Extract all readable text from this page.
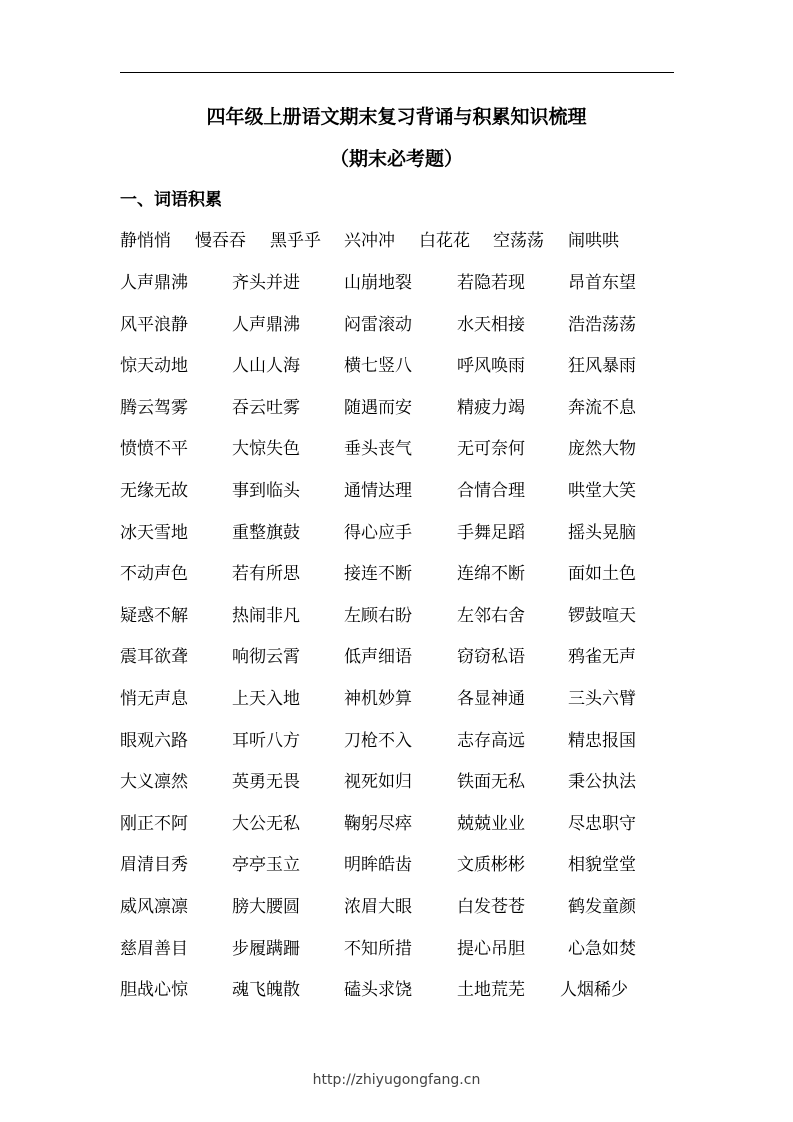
四年级上册语文期末复习背诵与积累知识梳理
（期末必考题）
一、词语积累
静悄悄 慢吞吞 黑乎乎 兴冲冲 白花花 空荡荡 闹哄哄
人声鼎沸	齐头并进	山崩地裂	若隐若现	昂首东望
风平浪静	人声鼎沸	闷雷滚动	水天相接	浩浩荡荡
惊天动地	人山人海	横七竖八	呼风唤雨	狂风暴雨
腾云驾雾	吞云吐雾	随遇而安	精疲力竭	奔流不息
愤愤不平	大惊失色	垂头丧气	无可奈何	庞然大物
无缘无故	事到临头	通情达理	合情合理	哄堂大笑
冰天雪地	重整旗鼓	得心应手	手舞足蹈	摇头晃脑
不动声色	若有所思	接连不断	连绵不断	面如土色
疑惑不解	热闹非凡	左顾右盼	左邻右舍	锣鼓喧天
震耳欲聋	响彻云霄	低声细语	窃窃私语	鸦雀无声
悄无声息	上天入地	神机妙算	各显神通	三头六臂
眼观六路	耳听八方	刀枪不入	志存高远	精忠报国
大义凛然	英勇无畏	视死如归	铁面无私	秉公执法
刚正不阿	大公无私	鞠躬尽瘁	兢兢业业	尽忠职守
眉清目秀	亭亭玉立	明眸皓齿	文质彬彬	相貌堂堂
威风凛凛	膀大腰圆	浓眉大眼	白发苍苍	鹤发童颜
慈眉善目	步履蹒跚	不知所措	提心吊胆	心急如焚
胆战心惊	魂飞魄散	磕头求饶	土地荒芜 人烟稀少
http://zhiyugongfang.cn
